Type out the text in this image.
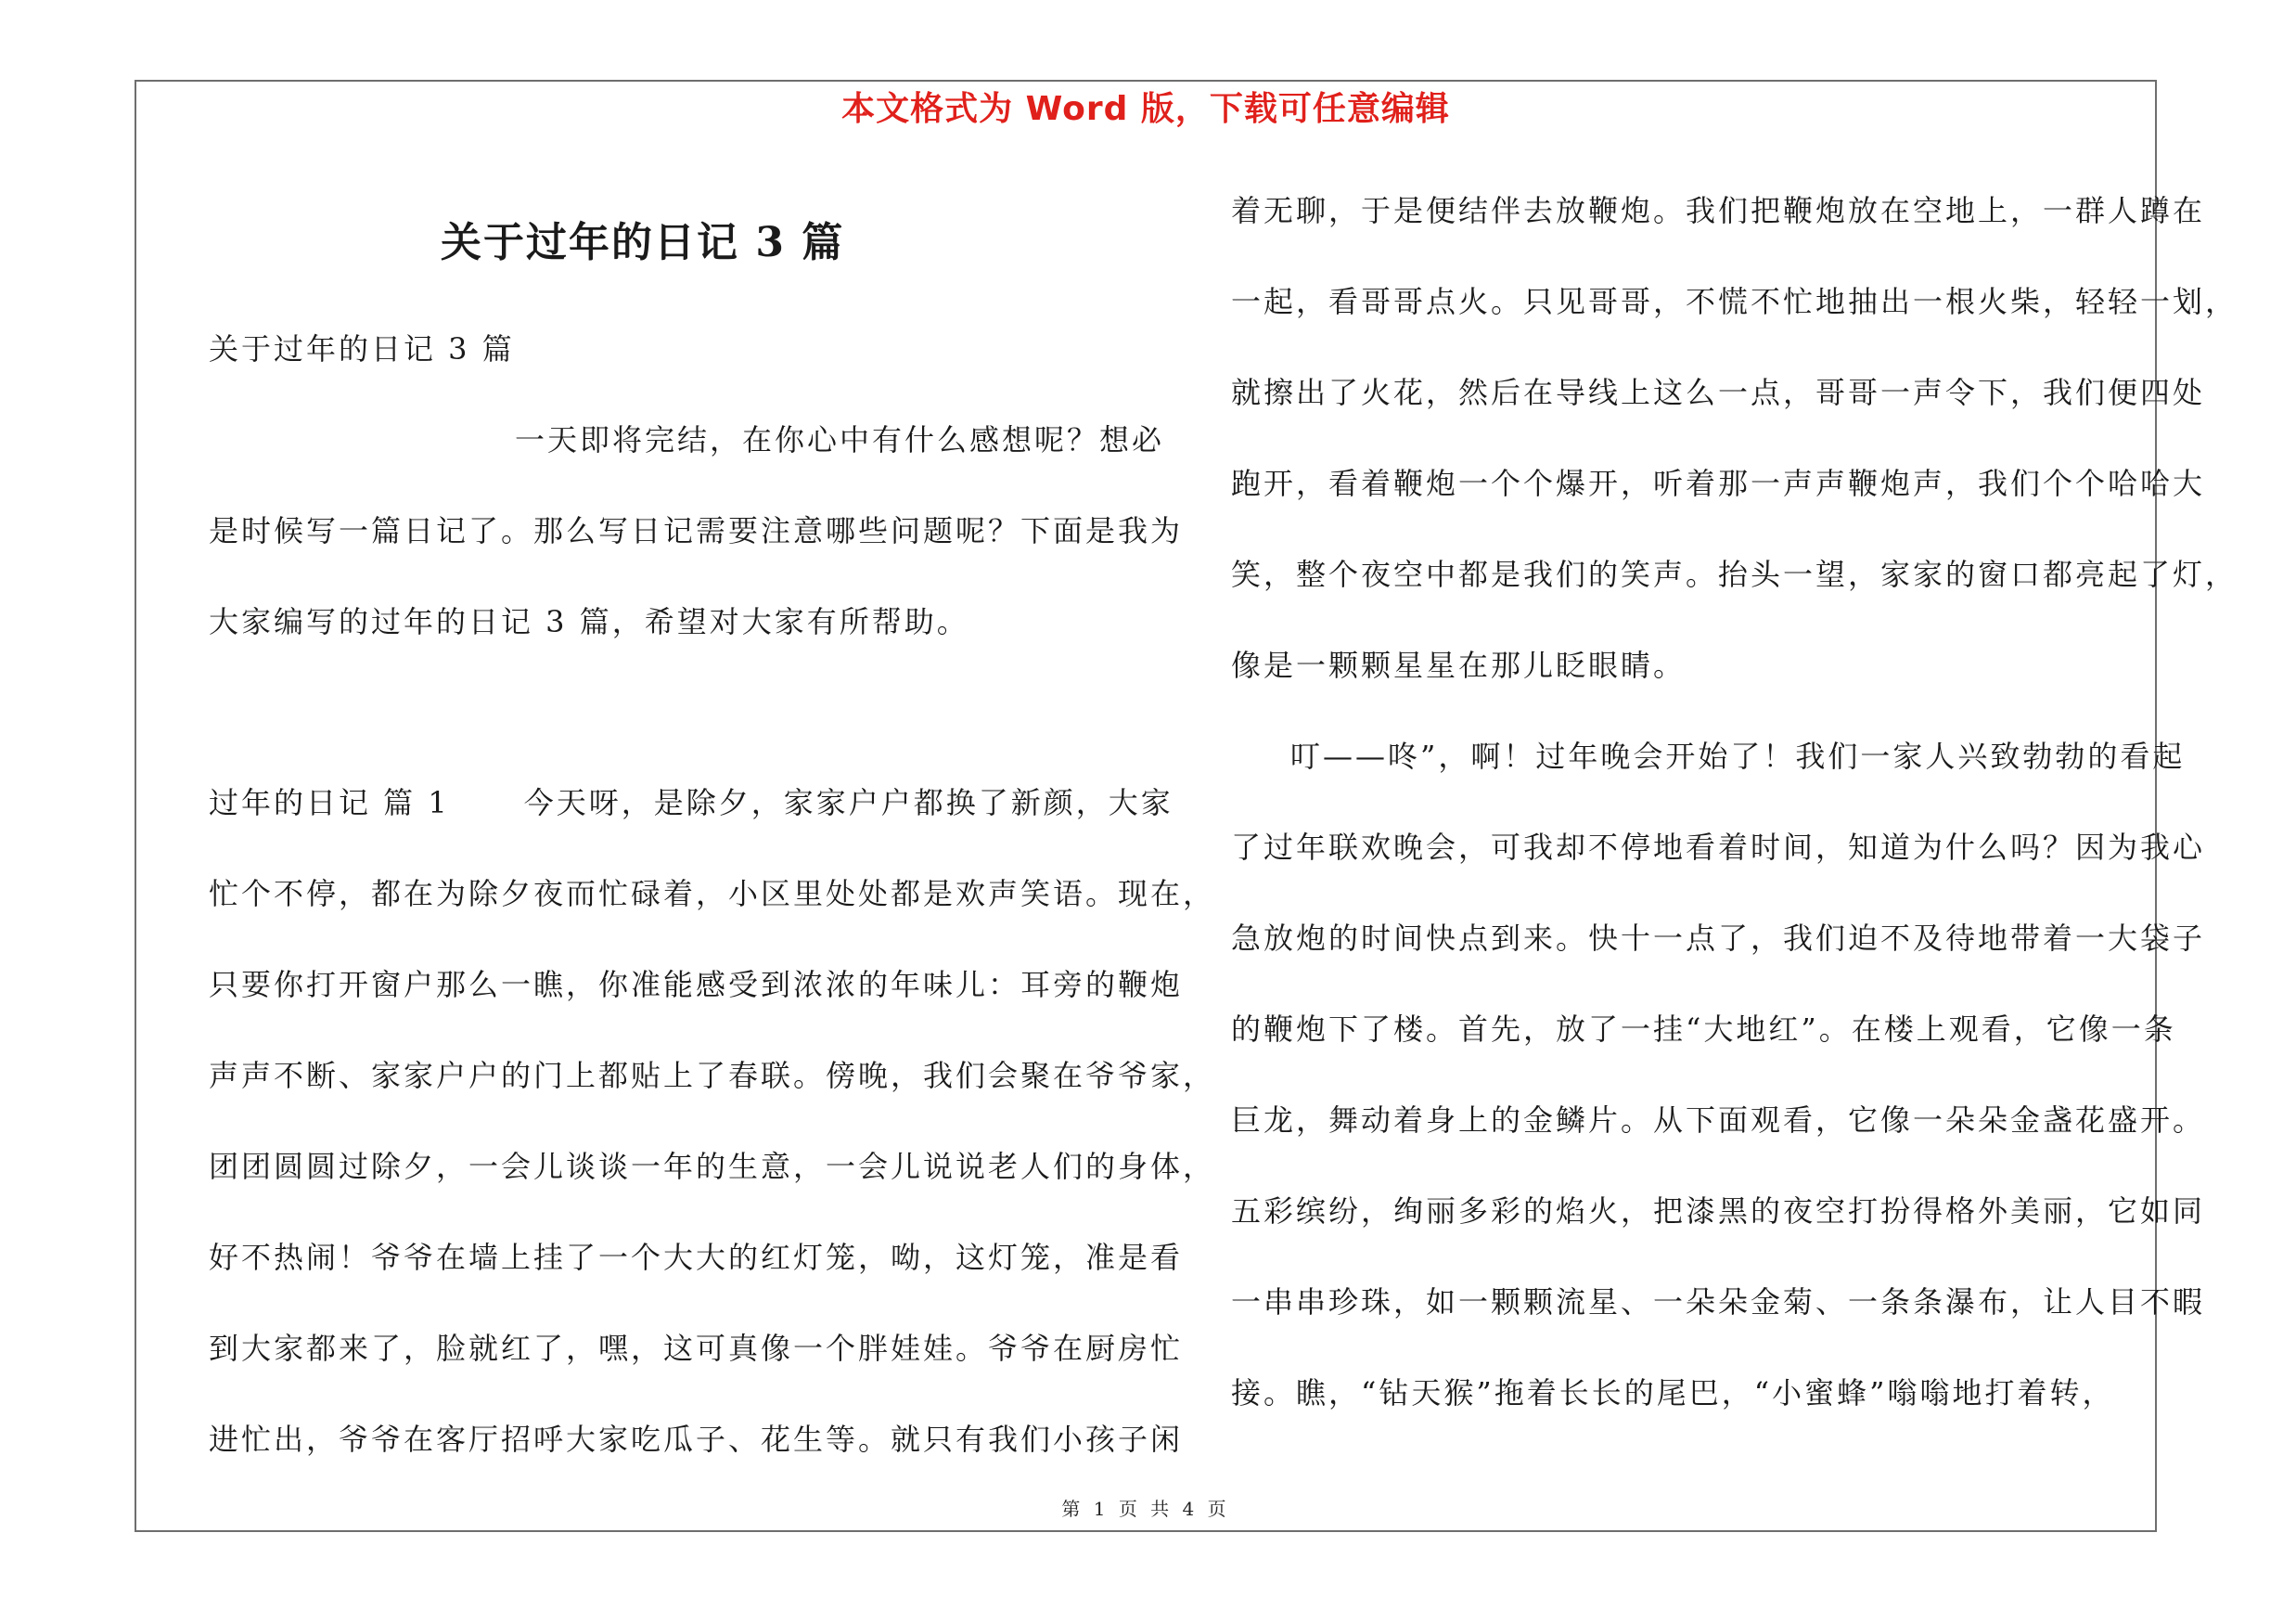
本文格式为 Word 版，下载可任意编辑
关于过年的日记 3 篇
关于过年的日记 3 篇
一天即将完结，在你心中有什么感想呢？想必
是时候写一篇日记了。那么写日记需要注意哪些问题呢？下面是我为
大家编写的过年的日记 3 篇，希望对大家有所帮助。
过年的日记 篇 1	今天呀，是除夕，家家户户都换了新颜，大家
忙个不停，都在为除夕夜而忙碌着，小区里处处都是欢声笑语。现在，
只要你打开窗户那么一瞧，你准能感受到浓浓的年味儿：耳旁的鞭炮
声声不断、家家户户的门上都贴上了春联。傍晚，我们会聚在爷爷家，
团团圆圆过除夕，一会儿谈谈一年的生意，一会儿说说老人们的身体，
好不热闹！爷爷在墙上挂了一个大大的红灯笼，呦，这灯笼，准是看
到大家都来了，脸就红了，嘿，这可真像一个胖娃娃。爷爷在厨房忙
进忙出，爷爷在客厅招呼大家吃瓜子、花生等。就只有我们小孩子闲
着无聊，于是便结伴去放鞭炮。我们把鞭炮放在空地上，一群人蹲在
一起，看哥哥点火。只见哥哥，不慌不忙地抽出一根火柴，轻轻一划，
就擦出了火花，然后在导线上这么一点，哥哥一声令下，我们便四处
跑开，看着鞭炮一个个爆开，听着那一声声鞭炮声，我们个个哈哈大
笑，整个夜空中都是我们的笑声。抬头一望，家家的窗口都亮起了灯，
像是一颗颗星星在那儿眨眼睛。
叮——咚”，啊！过年晚会开始了！我们一家人兴致勃勃的看起
了过年联欢晚会，可我却不停地看着时间，知道为什么吗？因为我心
急放炮的时间快点到来。快十一点了，我们迫不及待地带着一大袋子
的鞭炮下了楼。首先，放了一挂“大地红”。在楼上观看，它像一条
巨龙，舞动着身上的金鳞片。从下面观看，它像一朵朵金盏花盛开。
五彩缤纷，绚丽多彩的焰火，把漆黑的夜空打扮得格外美丽，它如同
一串串珍珠，如一颗颗流星、一朵朵金菊、一条条瀑布，让人目不暇
接。瞧，“钻天猴”拖着长长的尾巴，“小蜜蜂”嗡嗡地打着转，
第 1 页 共 4 页
